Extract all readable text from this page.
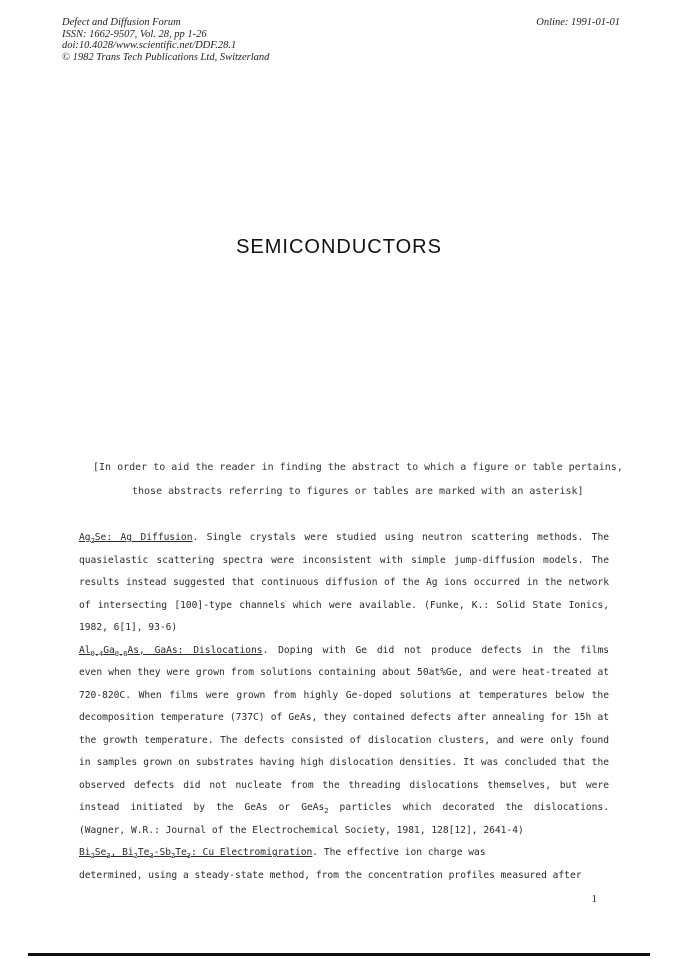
Defect and Diffusion Forum
ISSN: 1662-9507, Vol. 28, pp 1-26
doi:10.4028/www.scientific.net/DDF.28.1
© 1982 Trans Tech Publications Ltd, Switzerland
Online: 1991-01-01
SEMICONDUCTORS
[In order to aid the reader in finding the abstract to which a figure or table pertains,
those abstracts referring to figures or tables are marked with an asterisk]
$Ag_2Se$: Ag Diffusion. Single crystals were studied using neutron scattering methods. The
quasielastic scattering spectra were inconsistent with simple jump-diffusion models. The
results instead suggested that continuous diffusion of the Ag ions occurred in the network
of intersecting [100]-type channels which were available. (Funke, K.: Solid State Ionics,
1982, 6[1], 93-6)
$Al_{0.4}Ga_{0.6}As$, GaAs: Dislocations. Doping with Ge did not produce defects in the films
even when they were grown from solutions containing about 50at%Ge, and were heat-treated at
720-820C. When films were grown from highly Ge-doped solutions at temperatures below the
decomposition temperature (737C) of GeAs, they contained defects after annealing for 15h at
the growth temperature. The defects consisted of dislocation clusters, and were only found
in samples grown on substrates having high dislocation densities. It was concluded that the
observed defects did not nucleate from the threading dislocations themselves, but were
instead initiated by the GeAs or GeAs$_2$ particles which decorated the dislocations.
(Wagner, W.R.: Journal of the Electrochemical Society, 1981, 128[12], 2641-4)
$Bi_2Se_3$, $Bi_2Te_3-Sb_2Te_3$: Cu Electromigration. The effective ion charge was
determined, using a steady-state method, from the concentration profiles measured after
1
